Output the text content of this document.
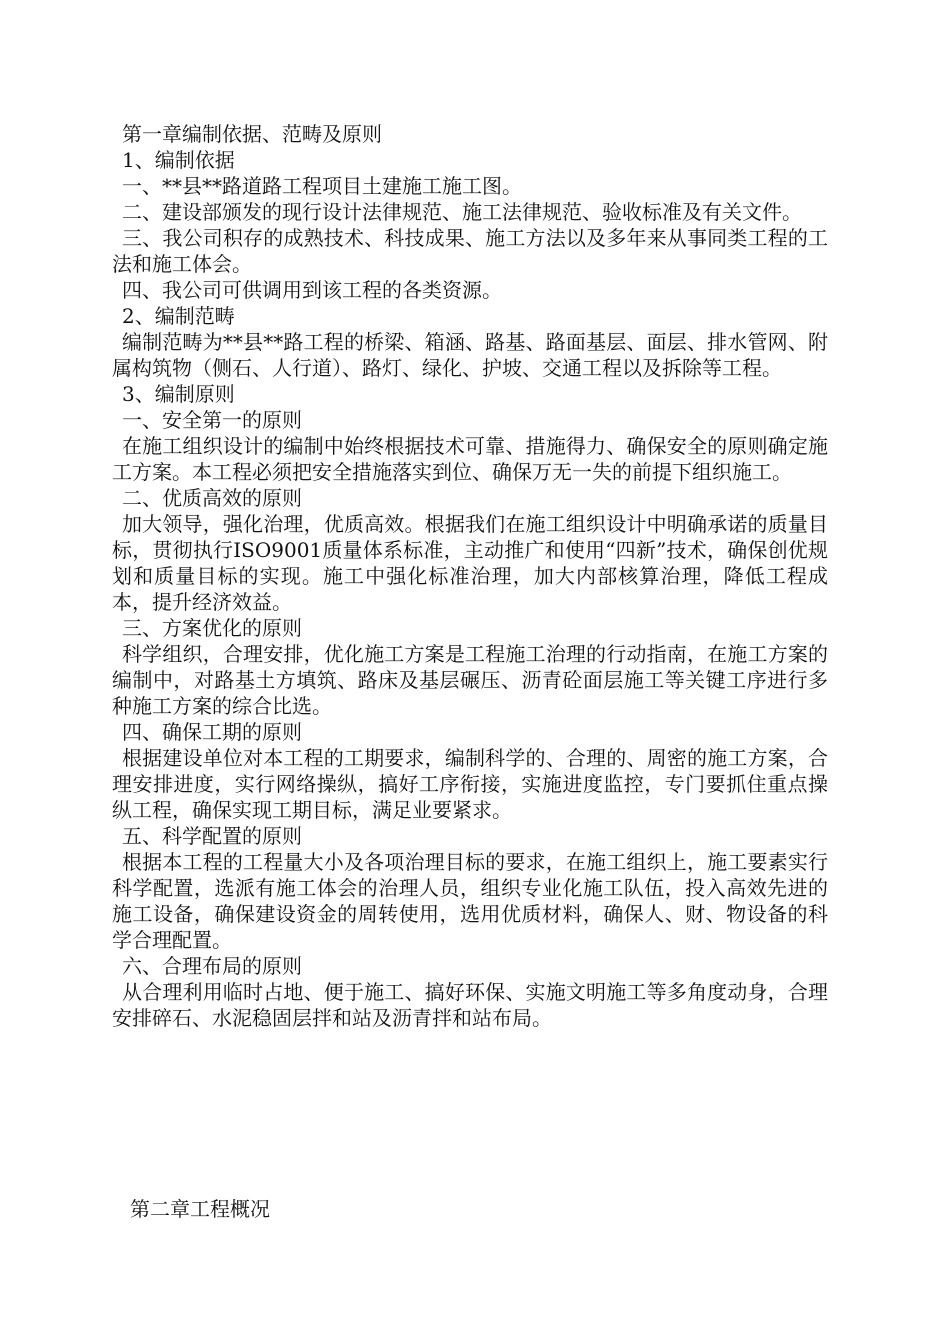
第一章编制依据、范畴及原则

1、编制依据

一、**县**路道路工程项目土建施工施工图。

二、建设部颁发的现行设计法律规范、施工法律规范、验收标准及有关文件。

三、我公司积存的成熟技术、科技成果、施工方法以及多年来从事同类工程的工法和施工体会。

四、我公司可供调用到该工程的各类资源。

2、编制范畴

编制范畴为**县**路工程的桥梁、箱涵、路基、路面基层、面层、排水管网、附属构筑物（侧石、人行道）、路灯、绿化、护坡、交通工程以及拆除等工程。

3、编制原则

一、安全第一的原则

在施工组织设计的编制中始终根据技术可靠、措施得力、确保安全的原则确定施工方案。本工程必须把安全措施落实到位、确保万无一失的前提下组织施工。

二、优质高效的原则

加大领导，强化治理，优质高效。根据我们在施工组织设计中明确承诺的质量目标，贯彻执行ISO9001质量体系标准，主动推广和使用“四新”技术，确保创优规划和质量目标的实现。施工中强化标准治理，加大内部核算治理，降低工程成本，提升经济效益。

三、方案优化的原则

科学组织，合理安排，优化施工方案是工程施工治理的行动指南，在施工方案的编制中，对路基土方填筑、路床及基层碾压、沥青砼面层施工等关键工序进行多种施工方案的综合比选。

四、确保工期的原则

根据建设单位对本工程的工期要求，编制科学的、合理的、周密的施工方案，合理安排进度，实行网络操纵，搞好工序衔接，实施进度监控，专门要抓住重点操纵工程，确保实现工期目标，满足业要紧求。

五、科学配置的原则

根据本工程的工程量大小及各项治理目标的要求，在施工组织上，施工要素实行科学配置，选派有施工体会的治理人员，组织专业化施工队伍，投入高效先进的施工设备，确保建设资金的周转使用，选用优质材料，确保人、财、物设备的科学合理配置。

六、合理布局的原则

从合理利用临时占地、便于施工、搞好环保、实施文明施工等多角度动身，合理安排碎石、水泥稳固层拌和站及沥青拌和站布局。

第二章工程概况
